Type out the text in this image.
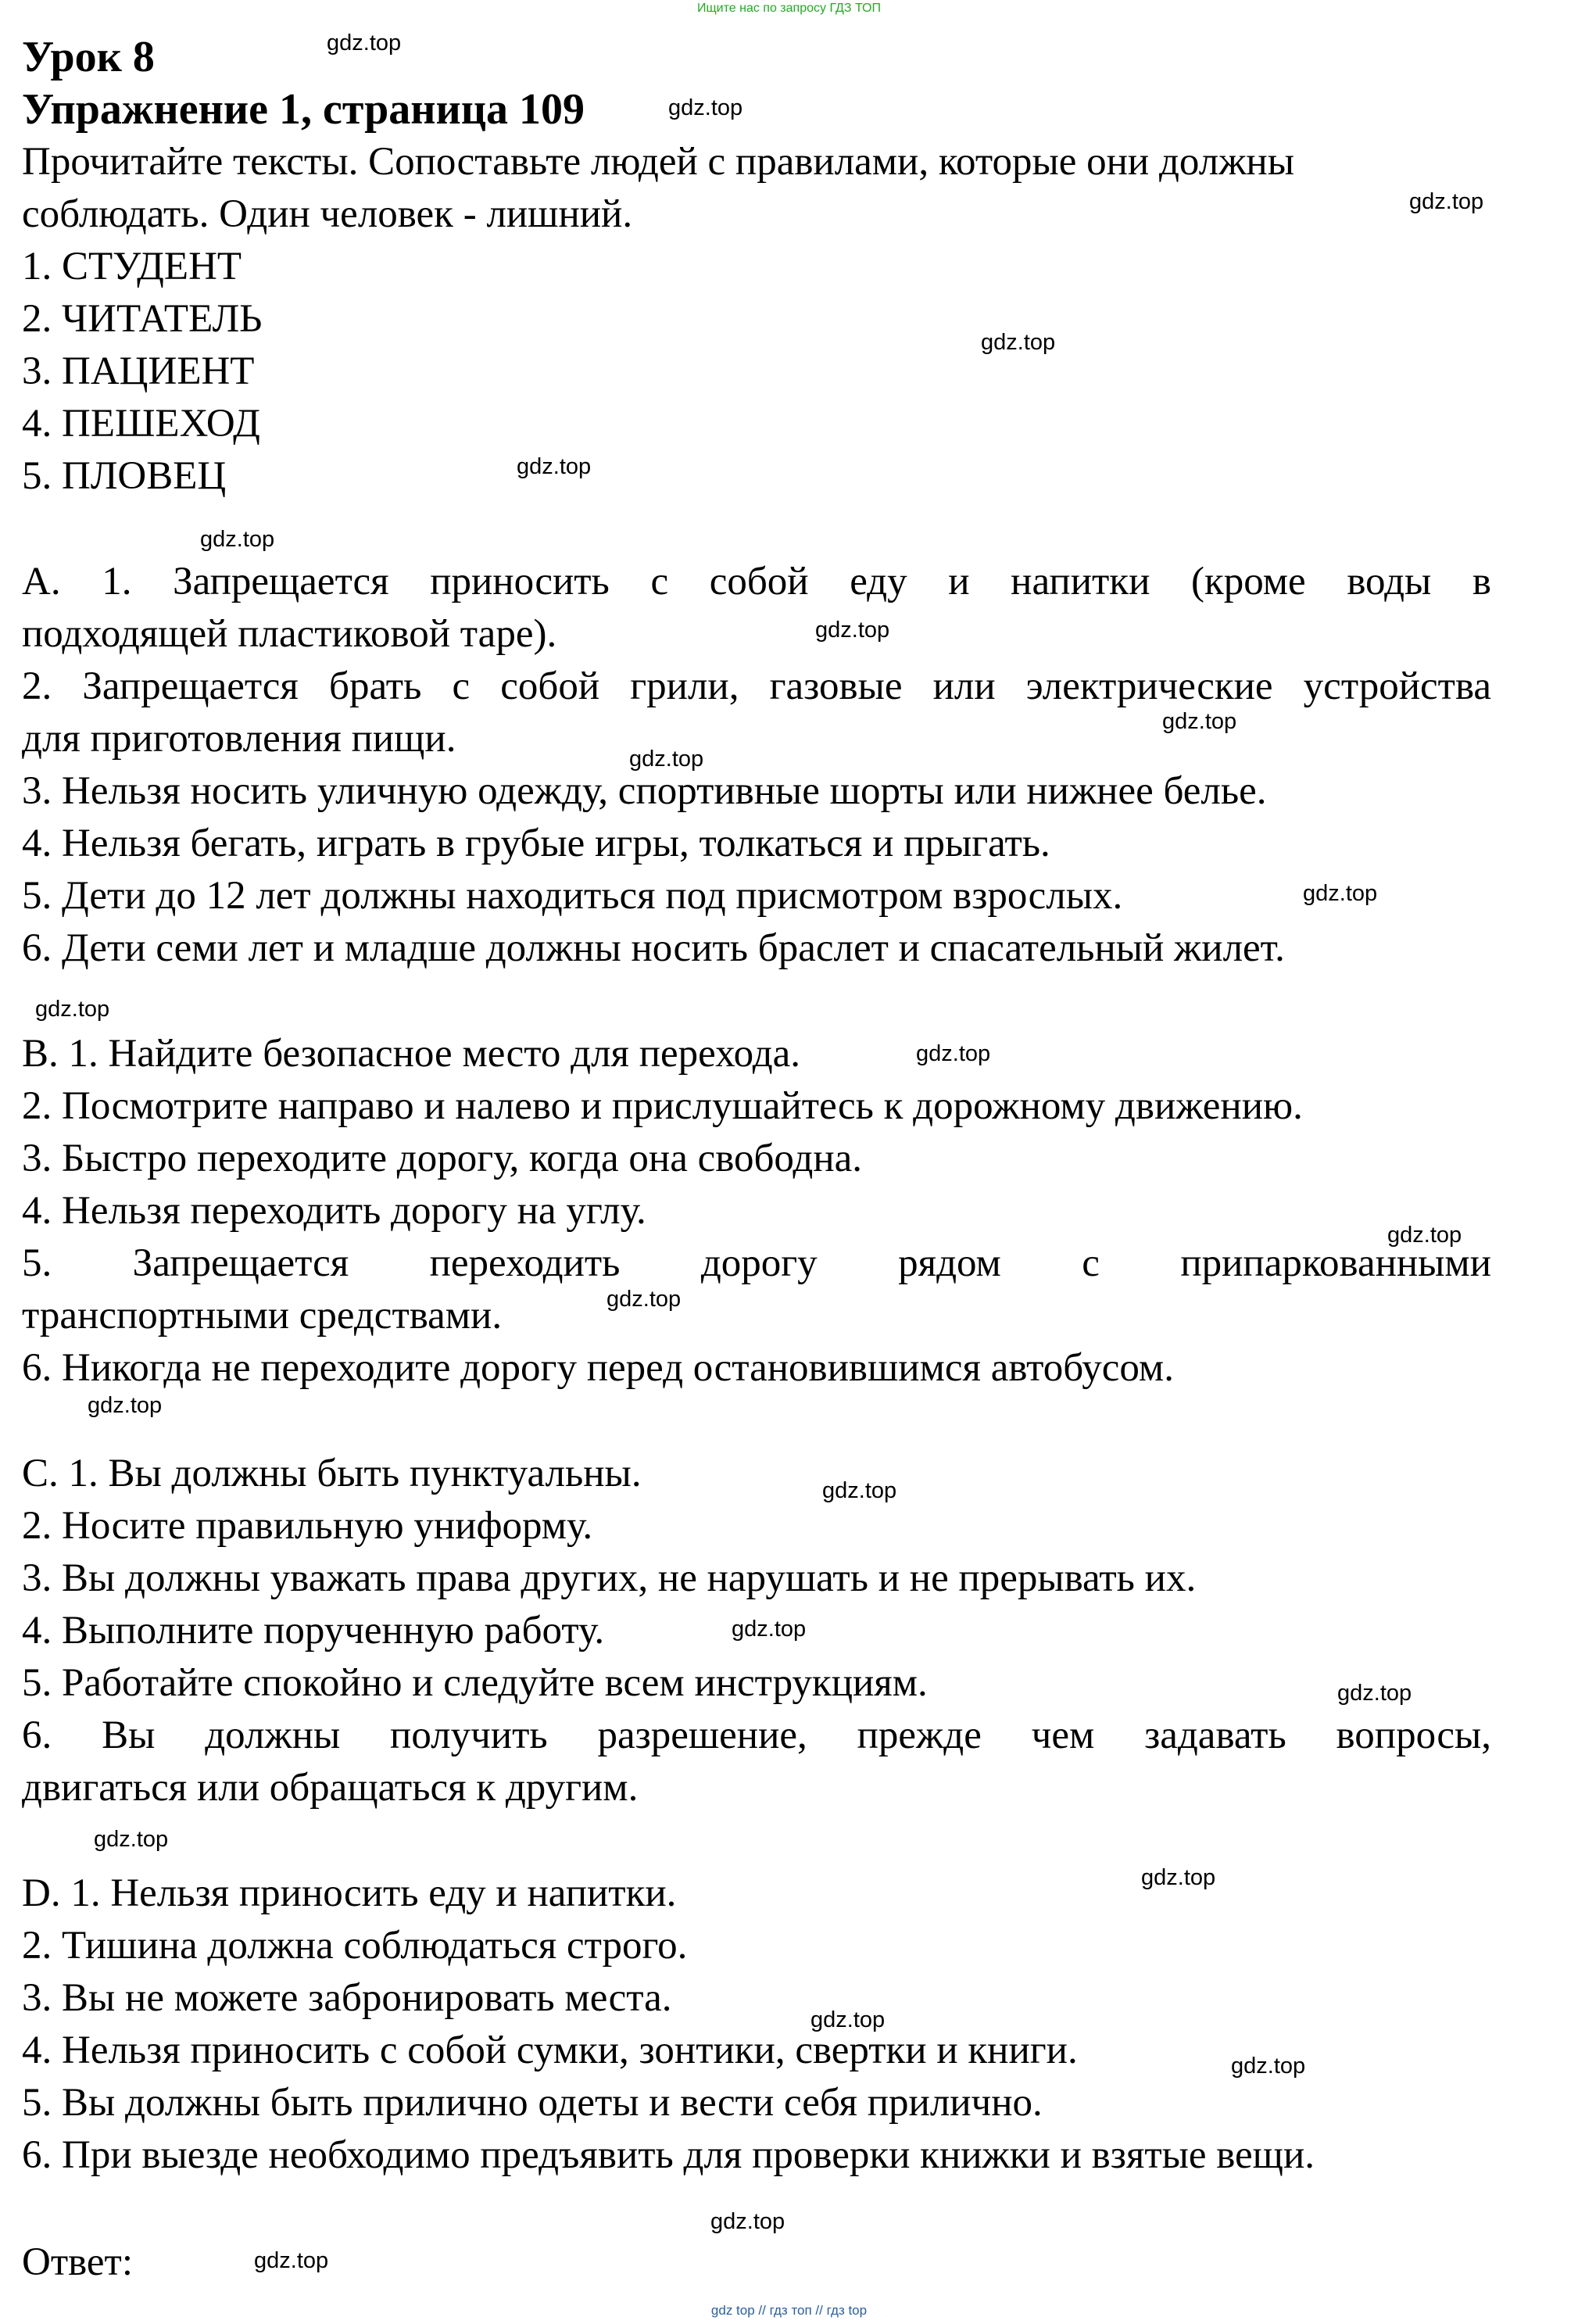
Ищите нас по запросу ГДЗ ТОП
Урок 8
Упражнение 1, страница 109
Прочитайте тексты. Сопоставьте людей с правилами, которые они должны
соблюдать. Один человек - лишний.
1. СТУДЕНТ
2. ЧИТАТЕЛЬ
3. ПАЦИЕНТ
4. ПЕШЕХОД
5. ПЛОВЕЦ
А. 1. Запрещается приносить с собой еду и напитки (кроме воды в
подходящей пластиковой таре).
2. Запрещается брать с собой грили, газовые или электрические устройства
для приготовления пищи.
3. Нельзя носить уличную одежду, спортивные шорты или нижнее белье.
4. Нельзя бегать, играть в грубые игры, толкаться и прыгать.
5. Дети до 12 лет должны находиться под присмотром взрослых.
6. Дети семи лет и младше должны носить браслет и спасательный жилет.
В. 1. Найдите безопасное место для перехода.
2. Посмотрите направо и налево и прислушайтесь к дорожному движению.
3. Быстро переходите дорогу, когда она свободна.
4. Нельзя переходить дорогу на углу.
5. Запрещается переходить дорогу рядом с припаркованными
транспортными средствами.
6. Никогда не переходите дорогу перед остановившимся автобусом.
С. 1. Вы должны быть пунктуальны.
2. Носите правильную униформу.
3. Вы должны уважать права других, не нарушать и не прерывать их.
4. Выполните порученную работу.
5. Работайте спокойно и следуйте всем инструкциям.
6. Вы должны получить разрешение, прежде чем задавать вопросы,
двигаться или обращаться к другим.
D. 1. Нельзя приносить еду и напитки.
2. Тишина должна соблюдаться строго.
3. Вы не можете забронировать места.
4. Нельзя приносить с собой сумки, зонтики, свертки и книги.
5. Вы должны быть прилично одеты и вести себя прилично.
6. При выезде необходимо предъявить для проверки книжки и взятые вещи.
Ответ:
gdz.top
gdz.top
gdz.top
gdz.top
gdz.top
gdz.top
gdz.top
gdz.top
gdz.top
gdz.top
gdz.top
gdz.top
gdz.top
gdz.top
gdz.top
gdz.top
gdz.top
gdz.top
gdz.top
gdz.top
gdz.top
gdz.top
gdz.top
gdz.top
gdz top // гдз топ // гдз top
